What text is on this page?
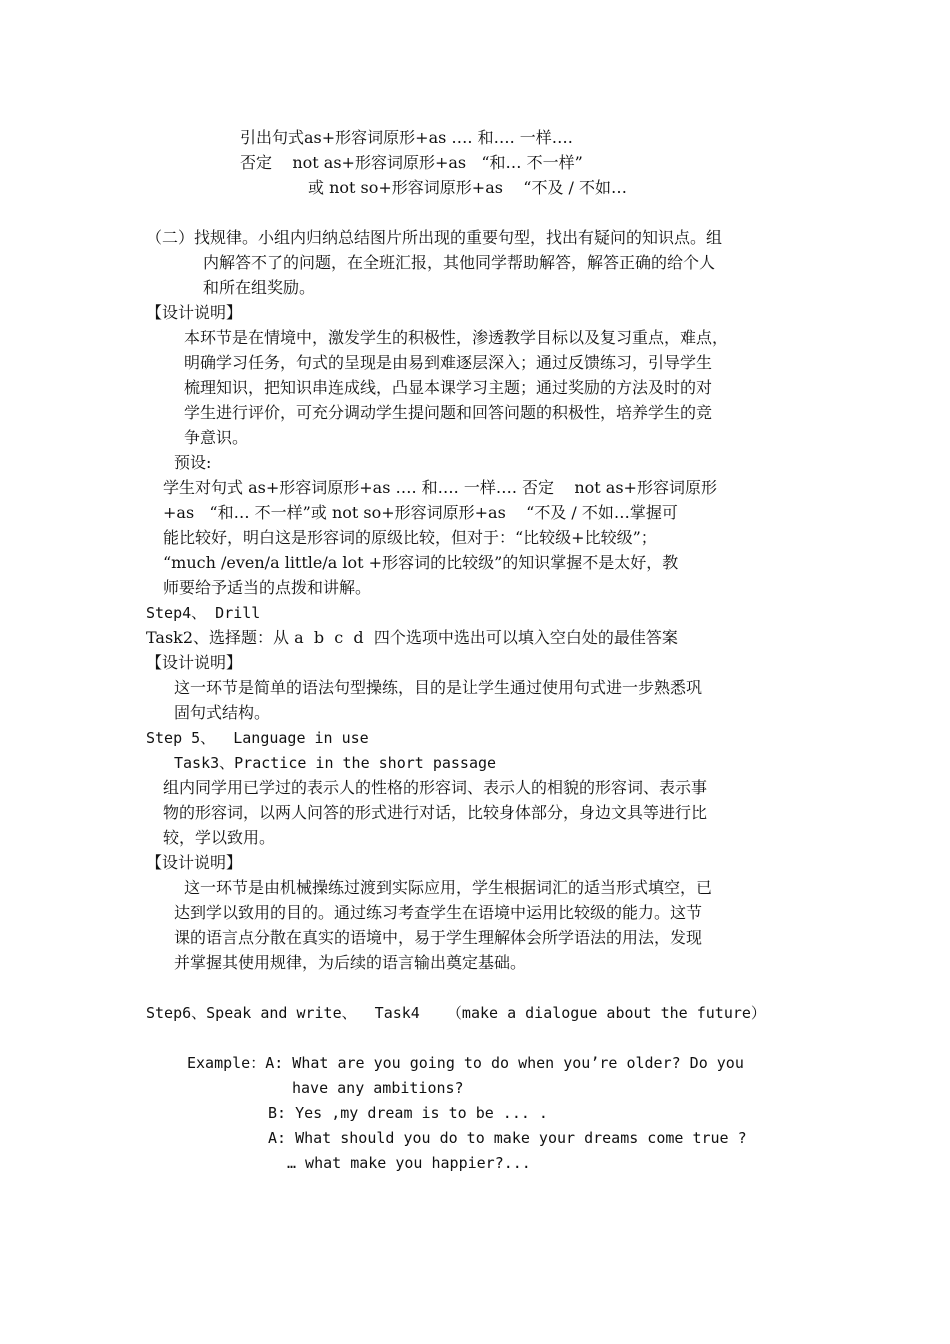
引出句式as+形容词原形+as …. 和…. 一样….
否定    not as+形容词原形+as   “和… 不一样”
或 not so+形容词原形+as    “不及 / 不如…
（二）找规律。小组内归纳总结图片所出现的重要句型，找出有疑问的知识点。组
内解答不了的问题，在全班汇报，其他同学帮助解答，解答正确的给个人
和所在组奖励。
【设计说明】
本环节是在情境中，激发学生的积极性，渗透教学目标以及复习重点，难点，
明确学习任务，句式的呈现是由易到难逐层深入；通过反馈练习，引导学生
梳理知识，把知识串连成线，凸显本课学习主题；通过奖励的方法及时的对
学生进行评价，可充分调动学生提问题和回答问题的积极性，培养学生的竞
争意识。
预设:
学生对句式 as+形容词原形+as …. 和…. 一样…. 否定    not as+形容词原形
+as   “和… 不一样”或 not so+形容词原形+as    “不及 / 不如…掌握可
能比较好，明白这是形容词的原级比较，但对于：“比较级+比较级”；
“much /even/a little/a lot +形容词的比较级”的知识掌握不是太好，教
师要给予适当的点拨和讲解。
Step4、 Drill
Task2、选择题：从 a  b  c  d  四个选项中选出可以填入空白处的最佳答案
【设计说明】
这一环节是简单的语法句型操练，目的是让学生通过使用句式进一步熟悉巩
固句式结构。
Step 5、  Language in use
Task3、Practice in the short passage
组内同学用已学过的表示人的性格的形容词、表示人的相貌的形容词、表示事
物的形容词，以两人问答的形式进行对话，比较身体部分，身边文具等进行比
较，学以致用。
【设计说明】
这一环节是由机械操练过渡到实际应用，学生根据词汇的适当形式填空，已
达到学以致用的目的。通过练习考查学生在语境中运用比较级的能力。这节
课的语言点分散在真实的语境中，易于学生理解体会所学语法的用法，发现
并掌握其使用规律，为后续的语言输出奠定基础。
Step6、Speak and write、  Task4   （make a dialogue about the future）
Example：A: What are you going to do when you’re older? Do you
have any ambitions?
B: Yes ,my dream is to be ... .
A: What should you do to make your dreams come true ?
… what make you happier?...
